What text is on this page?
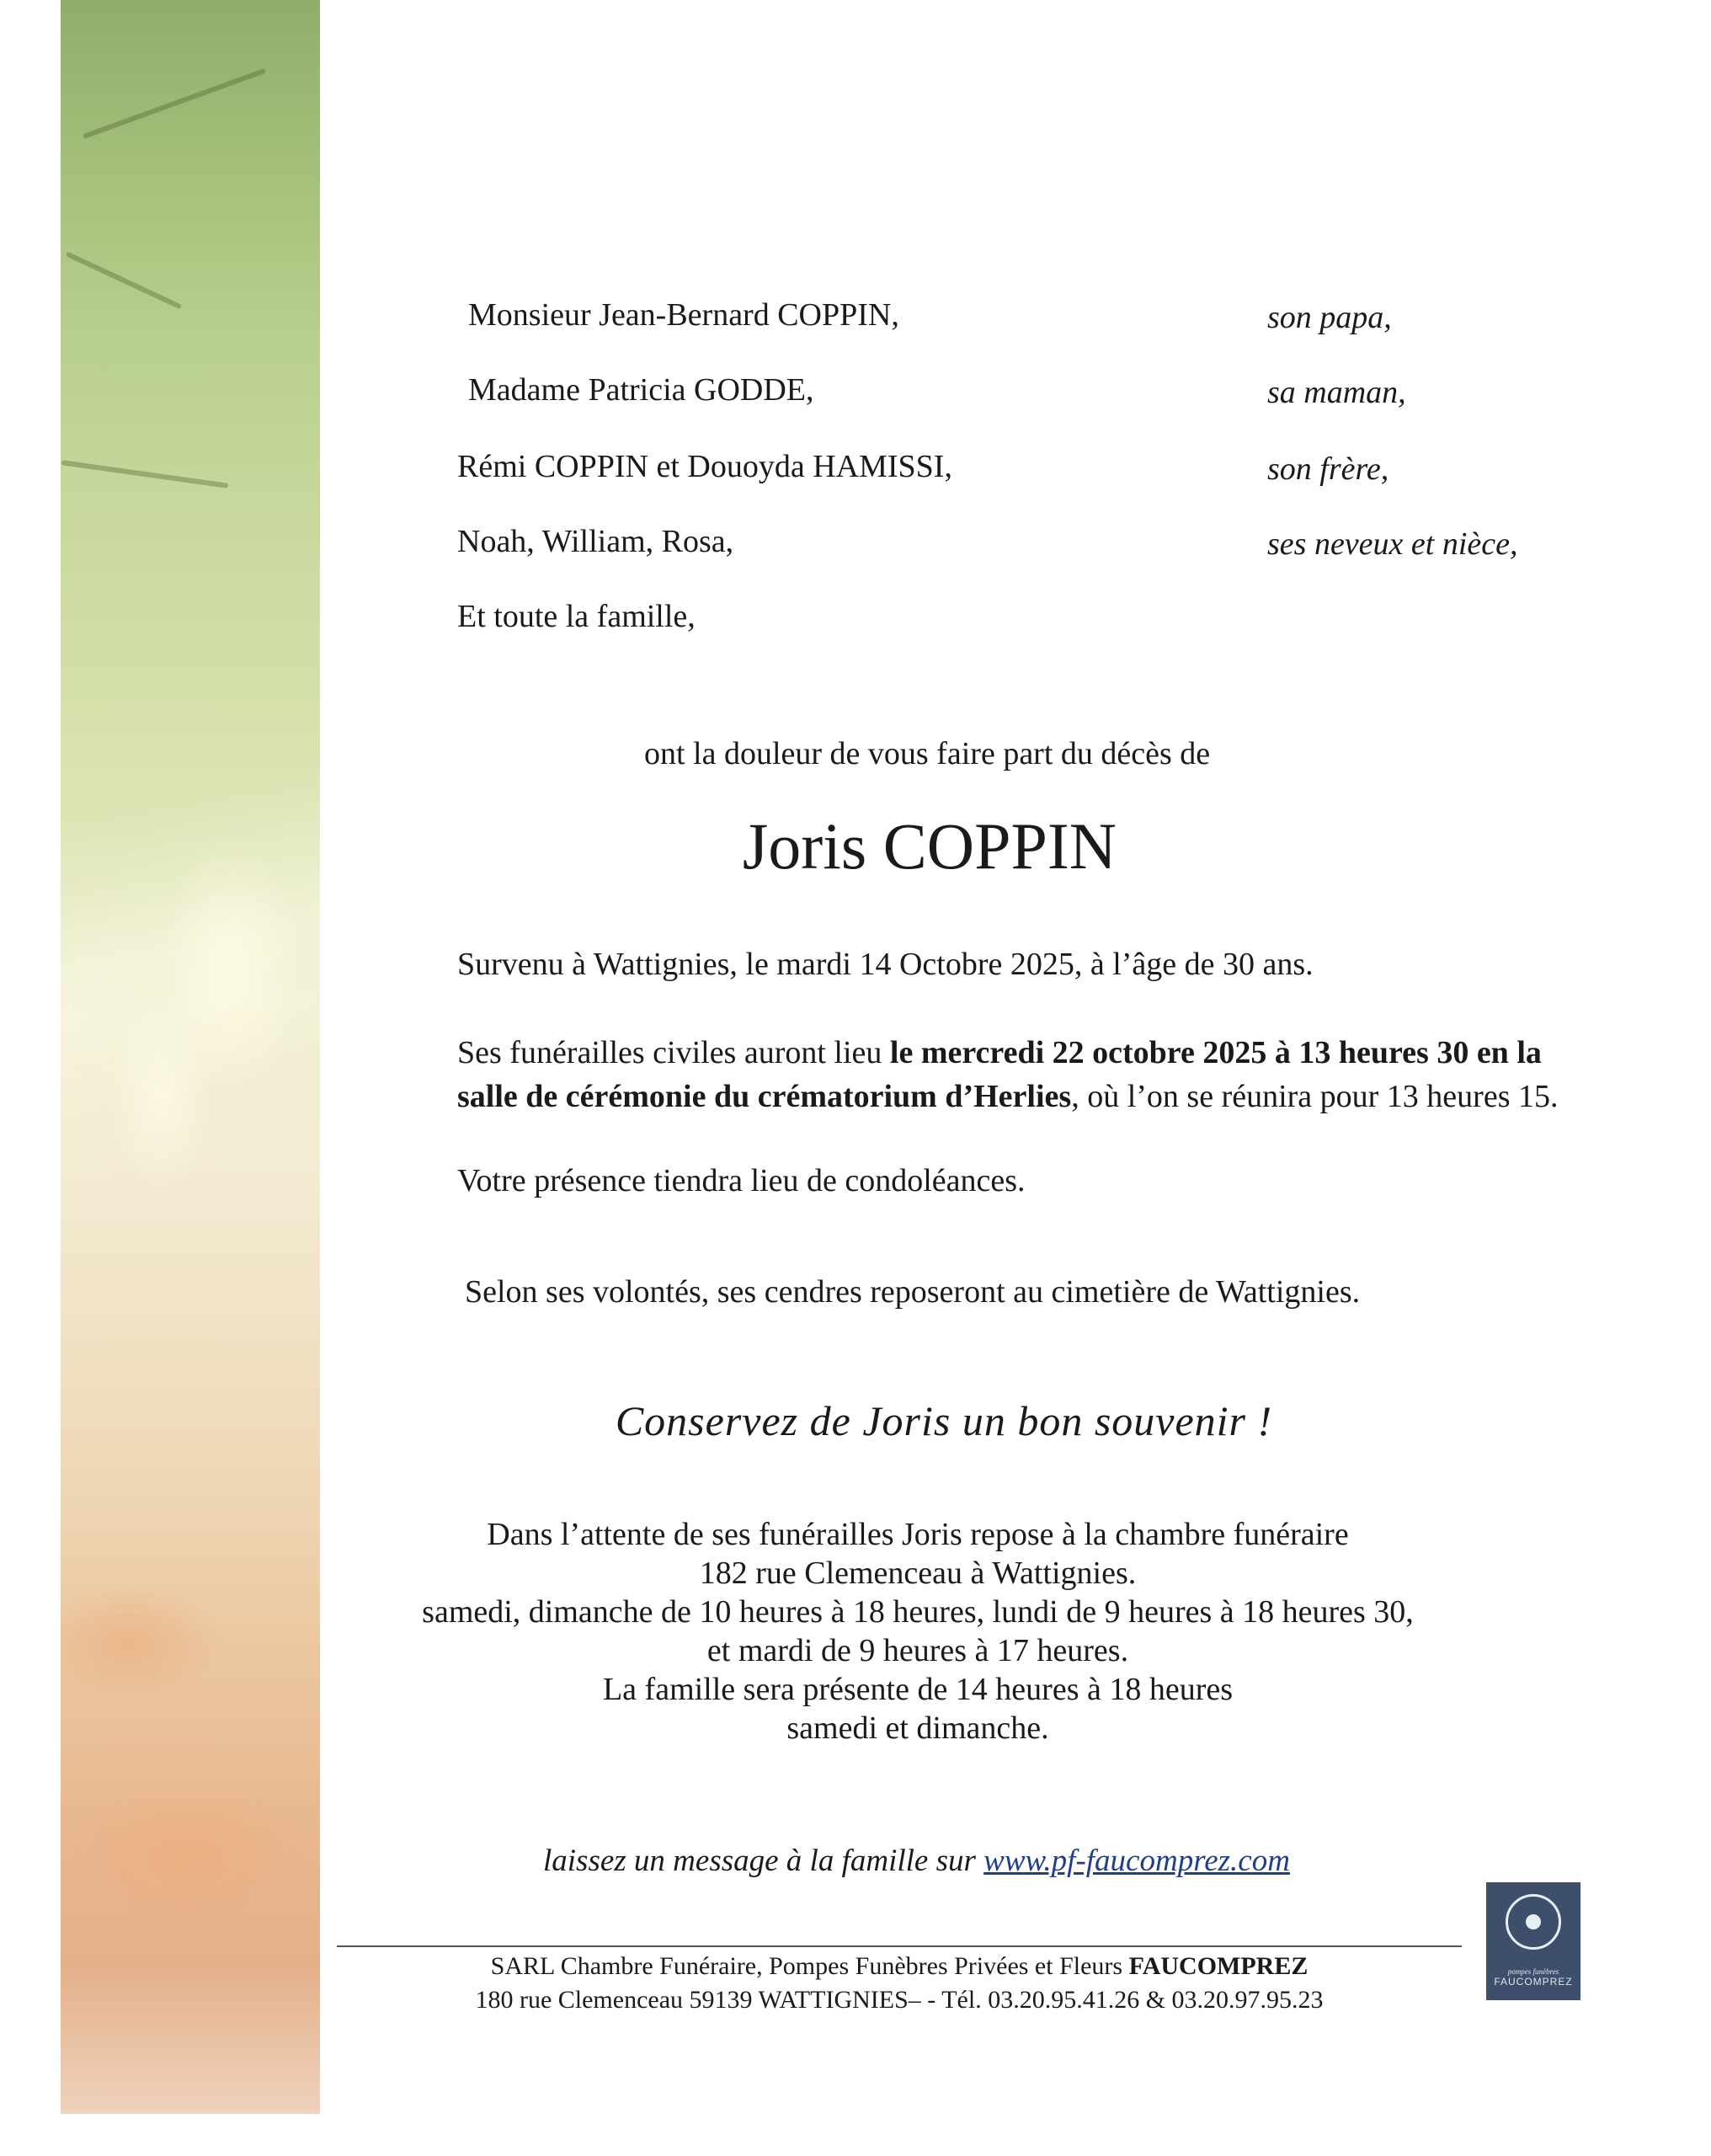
Monsieur Jean-Bernard COPPIN,	son papa,
Madame Patricia GODDE,	sa maman,
Rémi COPPIN et Douoyda HAMISSI,	son frère,
Noah, William, Rosa,	ses neveux et nièce,
Et toute la famille,
ont la douleur de vous faire part du décès de
Joris COPPIN
Survenu à Wattignies, le mardi 14 Octobre 2025, à l’âge de 30 ans.
Ses funérailles civiles auront lieu le mercredi 22 octobre 2025 à 13 heures 30 en la
salle de cérémonie du crématorium d’Herlies, où l’on se réunira pour 13 heures 15.
Votre présence tiendra lieu de condoléances.
Selon ses volontés, ses cendres reposeront au cimetière de Wattignies.
Conservez de Joris un bon souvenir !
Dans l’attente de ses funérailles Joris repose à la chambre funéraire
182 rue Clemenceau à Wattignies.
samedi, dimanche de 10 heures à 18 heures, lundi de 9 heures à 18 heures 30,
et mardi de 9 heures à 17 heures.
La famille sera présente de 14 heures à 18 heures
samedi et dimanche.
laissez un message à la famille sur www.pf-faucomprez.com
SARL Chambre Funéraire, Pompes Funèbres Privées et Fleurs FAUCOMPREZ
180 rue Clemenceau 59139 WATTIGNIES– - Tél. 03.20.95.41.26 & 03.20.97.95.23
pompes funèbres
FAUCOMPREZ
